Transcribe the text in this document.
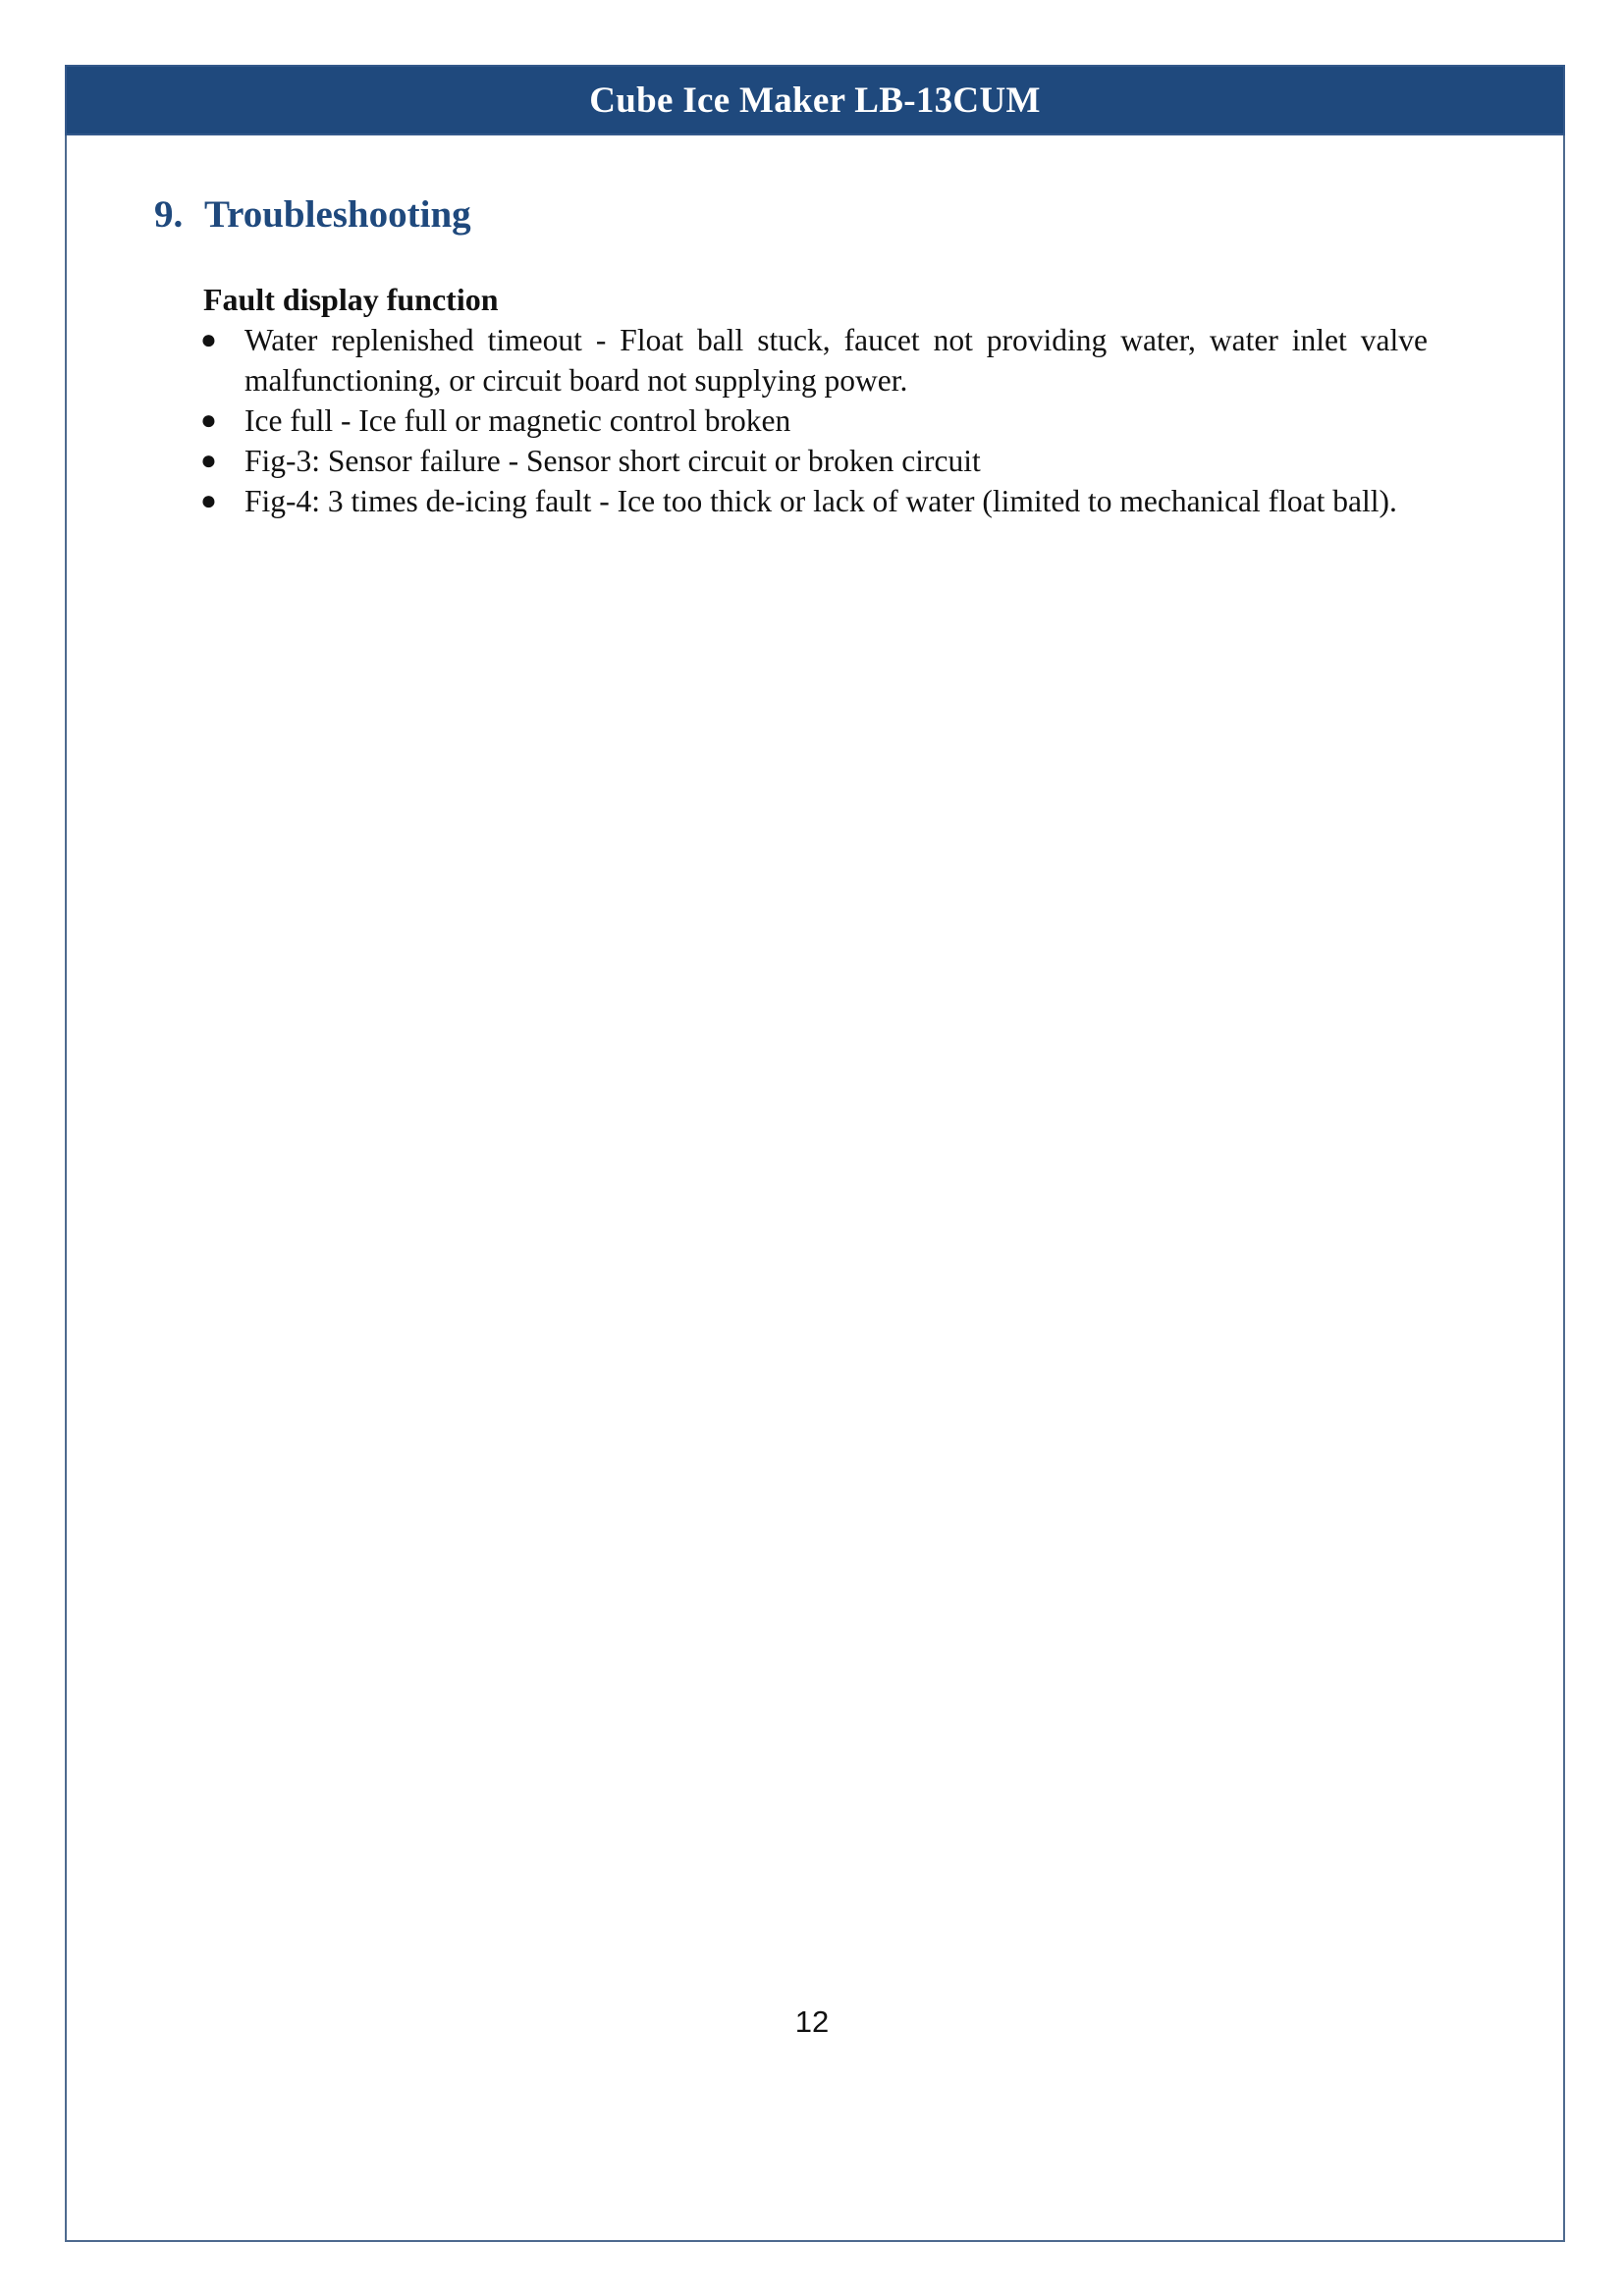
Cube Ice Maker LB-13CUM
9. Troubleshooting
Fault display function
● Water replenished timeout - Float ball stuck, faucet not providing water, water inlet valve malfunctioning, or circuit board not supplying power.
● Ice full - Ice full or magnetic control broken
● Fig-3: Sensor failure - Sensor short circuit or broken circuit
● Fig-4: 3 times de-icing fault - Ice too thick or lack of water (limited to mechanical float ball).
12
